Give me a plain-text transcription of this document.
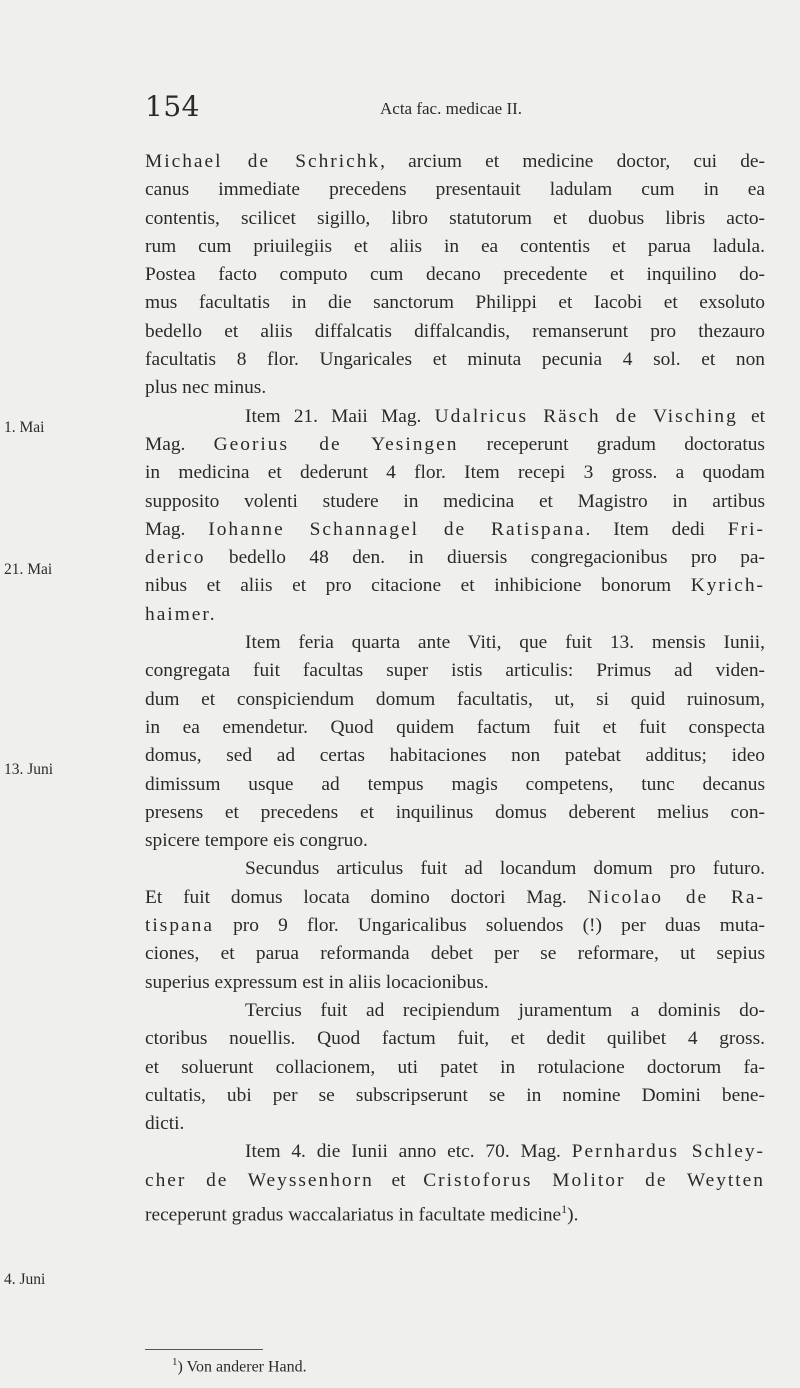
154	Acta fac. medicae II.
1. Mai
21. Mai
13. Juni
4. Juni
Michael de Schrichk, arcium et medicine doctor, cui de-
canus immediate precedens presentauit ladulam cum in ea
contentis, scilicet sigillo, libro statutorum et duobus libris acto-
rum cum priuilegiis et aliis in ea contentis et parua ladula.
Postea facto computo cum decano precedente et inquilino do-
mus facultatis in die sanctorum Philippi et Iacobi et exsoluto
bedello et aliis diffalcatis diffalcandis, remanserunt pro thezauro
facultatis 8 flor. Ungaricales et minuta pecunia 4 sol. et non
plus nec minus.
Item 21. Maii Mag. Udalricus Räsch de Visching et
Mag. Georius de Yesingen receperunt gradum doctoratus
in medicina et dederunt 4 flor. Item recepi 3 gross. a quodam
supposito volenti studere in medicina et Magistro in artibus
Mag. Iohanne Schannagel de Ratispana. Item dedi Fri-
derico bedello 48 den. in diuersis congregacionibus pro pa-
nibus et aliis et pro citacione et inhibicione bonorum Kyrich-
haimer.
Item feria quarta ante Viti, que fuit 13. mensis Iunii,
congregata fuit facultas super istis articulis: Primus ad viden-
dum et conspiciendum domum facultatis, ut, si quid ruinosum,
in ea emendetur. Quod quidem factum fuit et fuit conspecta
domus, sed ad certas habitaciones non patebat additus; ideo
dimissum usque ad tempus magis competens, tunc decanus
presens et precedens et inquilinus domus deberent melius con-
spicere tempore eis congruo.
Secundus articulus fuit ad locandum domum pro futuro.
Et fuit domus locata domino doctori Mag. Nicolao de Ra-
tispana pro 9 flor. Ungaricalibus soluendos (!) per duas muta-
ciones, et parua reformanda debet per se reformare, ut sepius
superius expressum est in aliis locacionibus.
Tercius fuit ad recipiendum juramentum a dominis do-
ctoribus nouellis. Quod factum fuit, et dedit quilibet 4 gross.
et soluerunt collacionem, uti patet in rotulacione doctorum fa-
cultatis, ubi per se subscripserunt se in nomine Domini bene-
dicti.
Item 4. die Iunii anno etc. 70. Mag. Pernhardus Schley-
cher de Weyssenhorn et Cristoforus Molitor de Weytten
receperunt gradus waccalariatus in facultate medicine$^1$).
$^1$) Von anderer Hand.
